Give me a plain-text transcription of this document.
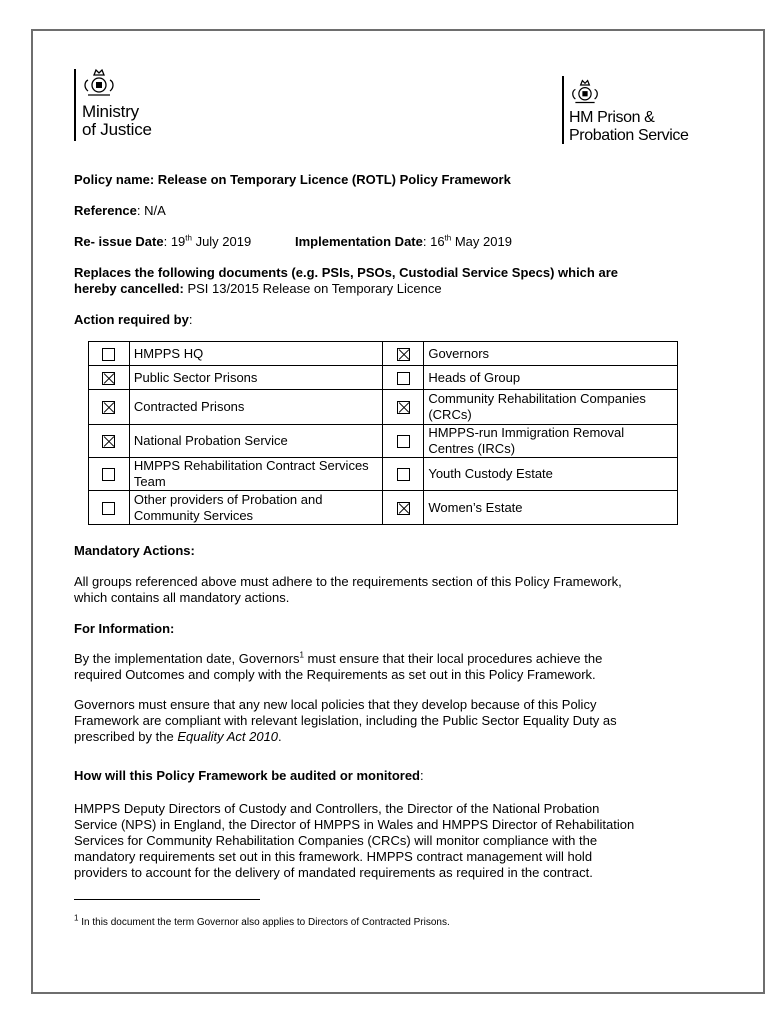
Ministry
of Justice
HM Prison &
Probation Service
Policy name: Release on Temporary Licence (ROTL) Policy Framework
Reference: N/A
Re- issue Date: 19th July 2019	Implementation Date: 16th May 2019
Replaces the following documents (e.g. PSIs, PSOs, Custodial Service Specs) which are
hereby cancelled: PSI 13/2015 Release on Temporary Licence
Action required by:
	HMPPS HQ		Governors
	Public Sector Prisons		Heads of Group
	Contracted Prisons		Community Rehabilitation Companies (CRCs)
	National Probation Service		HMPPS-run Immigration Removal Centres (IRCs)
	HMPPS Rehabilitation Contract Services Team		Youth Custody Estate
	Other providers of Probation and Community Services		Women’s Estate
Mandatory Actions:
All groups referenced above must adhere to the requirements section of this Policy Framework,
which contains all mandatory actions.
For Information:
By the implementation date, Governors$^1$ must ensure that their local procedures achieve the
required Outcomes and comply with the Requirements as set out in this Policy Framework.
Governors must ensure that any new local policies that they develop because of this Policy
Framework are compliant with relevant legislation, including the Public Sector Equality Duty as
prescribed by the Equality Act 2010.
How will this Policy Framework be audited or monitored:
HMPPS Deputy Directors of Custody and Controllers, the Director of the National Probation
Service (NPS) in England, the Director of HMPPS in Wales and HMPPS Director of Rehabilitation
Services for Community Rehabilitation Companies (CRCs) will monitor compliance with the
mandatory requirements set out in this framework. HMPPS contract management will hold
providers to account for the delivery of mandated requirements as required in the contract.
$^1$ In this document the term Governor also applies to Directors of Contracted Prisons.
